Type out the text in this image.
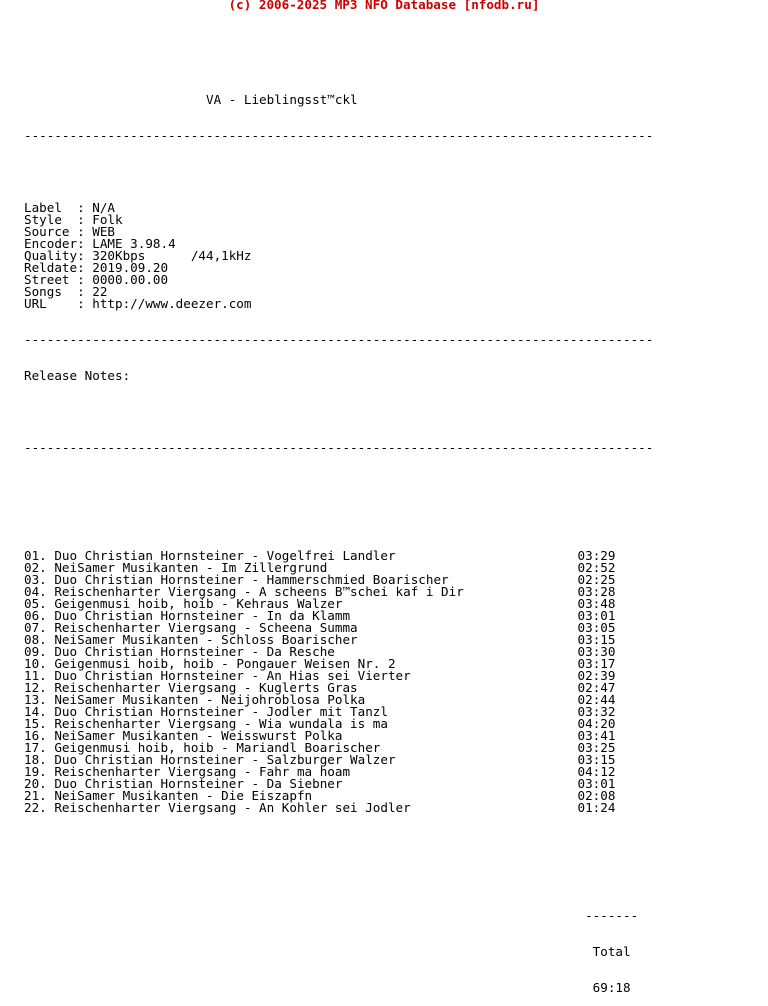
(c) 2006-2025 MP3 NFO Database [nfodb.ru]

VA - Lieblingsst™ckl

-----------------------------------------------------------------------------------

Label  : N/A
Style  : Folk
Source : WEB
Encoder: LAME 3.98.4
Quality: 320Kbps      /44,1kHz
Reldate: 2019.09.20
Street : 0000.00.00
Songs  : 22
URL    : http://www.deezer.com

-----------------------------------------------------------------------------------

Release Notes:

-----------------------------------------------------------------------------------

01. Duo Christian Hornsteiner - Vogelfrei Landler	03:29
02. NeiSamer Musikanten - Im Zillergrund	02:52
03. Duo Christian Hornsteiner - Hammerschmied Boarischer	02:25
04. Reischenharter Viergsang - A scheens B™schei kaf i Dir	03:28
05. Geigenmusi hoib, hoib - Kehraus Walzer	03:48
06. Duo Christian Hornsteiner - In da Klamm	03:01
07. Reischenharter Viergsang - Scheena Summa	03:05
08. NeiSamer Musikanten - Schloss Boarischer	03:15
09. Duo Christian Hornsteiner - Da Resche	03:30
10. Geigenmusi hoib, hoib - Pongauer Weisen Nr. 2	03:17
11. Duo Christian Hornsteiner - An Hias sei Vierter	02:39
12. Reischenharter Viergsang - Kuglerts Gras	02:47
13. NeiSamer Musikanten - Neijohroblosa Polka	02:44
14. Duo Christian Hornsteiner - Jodler mit Tanzl	03:32
15. Reischenharter Viergsang - Wia wundala is ma	04:20
16. NeiSamer Musikanten - Weisswurst Polka	03:41
17. Geigenmusi hoib, hoib - Mariandl Boarischer	03:25
18. Duo Christian Hornsteiner - Salzburger Walzer	03:15
19. Reischenharter Viergsang - Fahr ma hoam	04:12
20. Duo Christian Hornsteiner - Da Siebner	03:01
21. NeiSamer Musikanten - Die Eiszapfn	02:08
22. Reischenharter Viergsang - An Kohler sei Jodler	01:24

-------

Total

69:18
